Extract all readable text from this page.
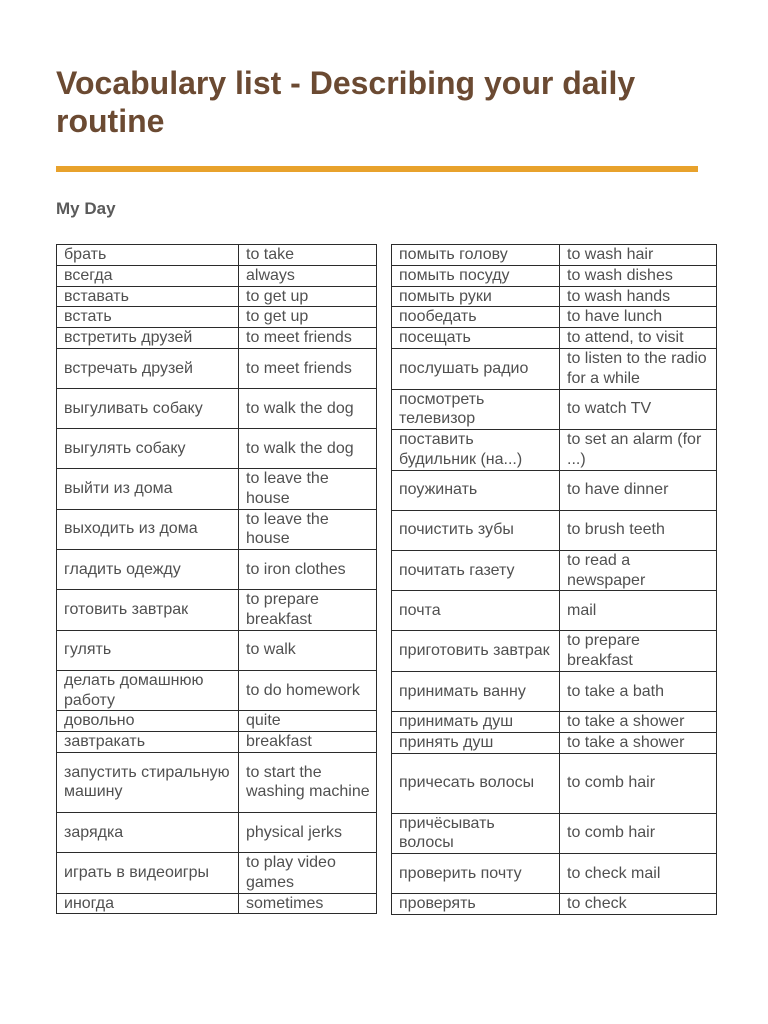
Vocabulary list - Describing your daily routine
My Day
брать	to take
всегда	always
вставать	to get up
встать	to get up
встретить друзей	to meet friends
встречать друзей	to meet friends
выгуливать собаку	to walk the dog
выгулять собаку	to walk the dog
выйти из дома	to leave the house
выходить из дома	to leave the house
гладить одежду	to iron clothes
готовить завтрак	to prepare breakfast
гулять	to walk
делать домашнюю работу	to do homework
довольно	quite
завтракать	breakfast
запустить стиральную машину	to start the washing machine
зарядка	physical jerks
играть в видеоигры	to play video games
иногда	sometimes
помыть голову	to wash hair
помыть посуду	to wash dishes
помыть руки	to wash hands
пообедать	to have lunch
посещать	to attend, to visit
послушать радио	to listen to the radio for a while
посмотреть телевизор	to watch TV
поставить будильник (на...)	to set an alarm (for ...)
поужинать	to have dinner
почистить зубы	to brush teeth
почитать газету	to read a newspaper
почта	mail
приготовить завтрак	to prepare breakfast
принимать ванну	to take a bath
принимать душ	to take a shower
принять душ	to take a shower
причесать волосы	to comb hair
причёсывать волосы	to comb hair
проверить почту	to check mail
проверять	to check
